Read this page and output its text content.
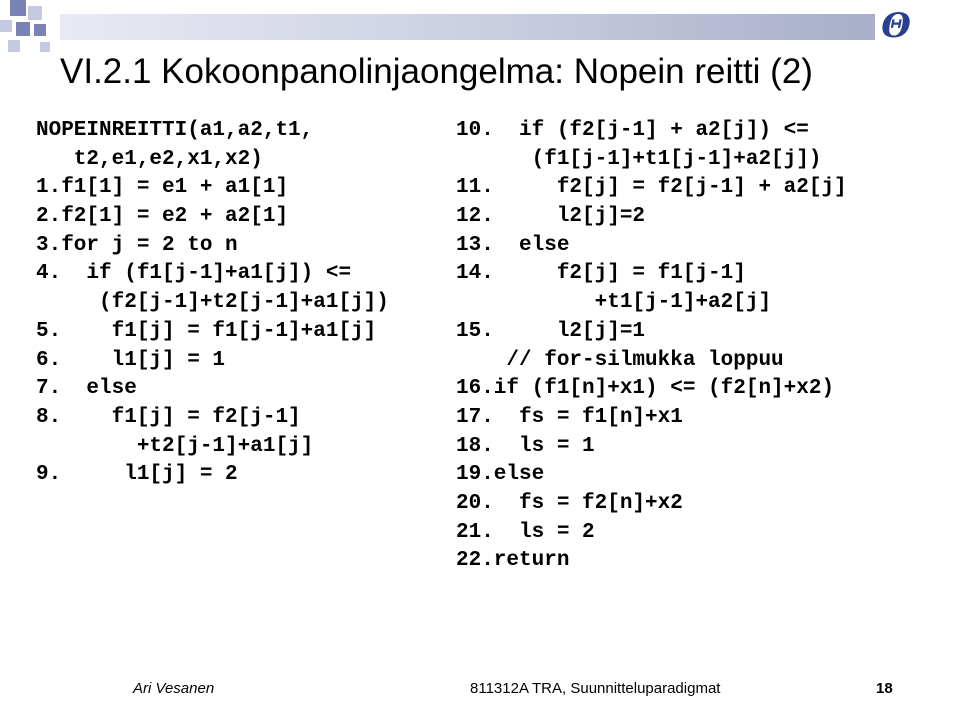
Θ
VI.2.1 Kokoonpanolinjaongelma: Nopein reitti (2)
NOPEINREITTI(a1,a2,t1,
t2,e1,e2,x1,x2)
1.f1[1] = e1 + a1[1]
2.f2[1] = e2 + a2[1]
3.for j = 2 to n
4.  if (f1[j-1]+a1[j]) <=
(f2[j-1]+t2[j-1]+a1[j])
5.    f1[j] = f1[j-1]+a1[j]
6.    l1[j] = 1
7.  else
8.    f1[j] = f2[j-1]
+t2[j-1]+a1[j]
9.     l1[j] = 2
10.  if (f2[j-1] + a2[j]) <=
(f1[j-1]+t1[j-1]+a2[j])
11.     f2[j] = f2[j-1] + a2[j]
12.     l2[j]=2
13.  else
14.     f2[j] = f1[j-1]
+t1[j-1]+a2[j]
15.     l2[j]=1
// for-silmukka loppuu
16.if (f1[n]+x1) <= (f2[n]+x2)
17.  fs = f1[n]+x1
18.  ls = 1
19.else
20.  fs = f2[n]+x2
21.  ls = 2
22.return
Ari Vesanen	811312A TRA, Suunnitteluparadigmat	18
